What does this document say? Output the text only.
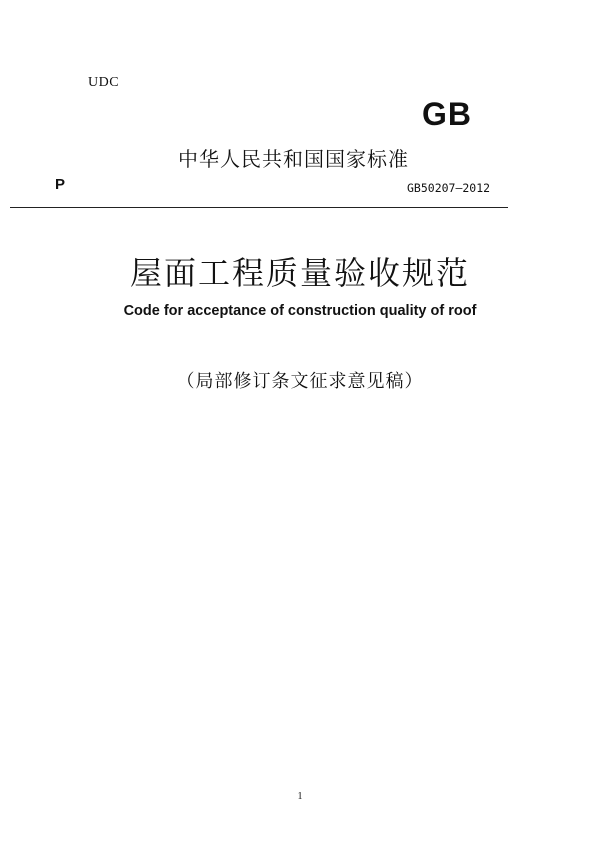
UDC
GB
中华人民共和国国家标准
P	GB50207—2012
屋面工程质量验收规范
Code for acceptance of construction quality of roof
（局部修订条文征求意见稿）
1
